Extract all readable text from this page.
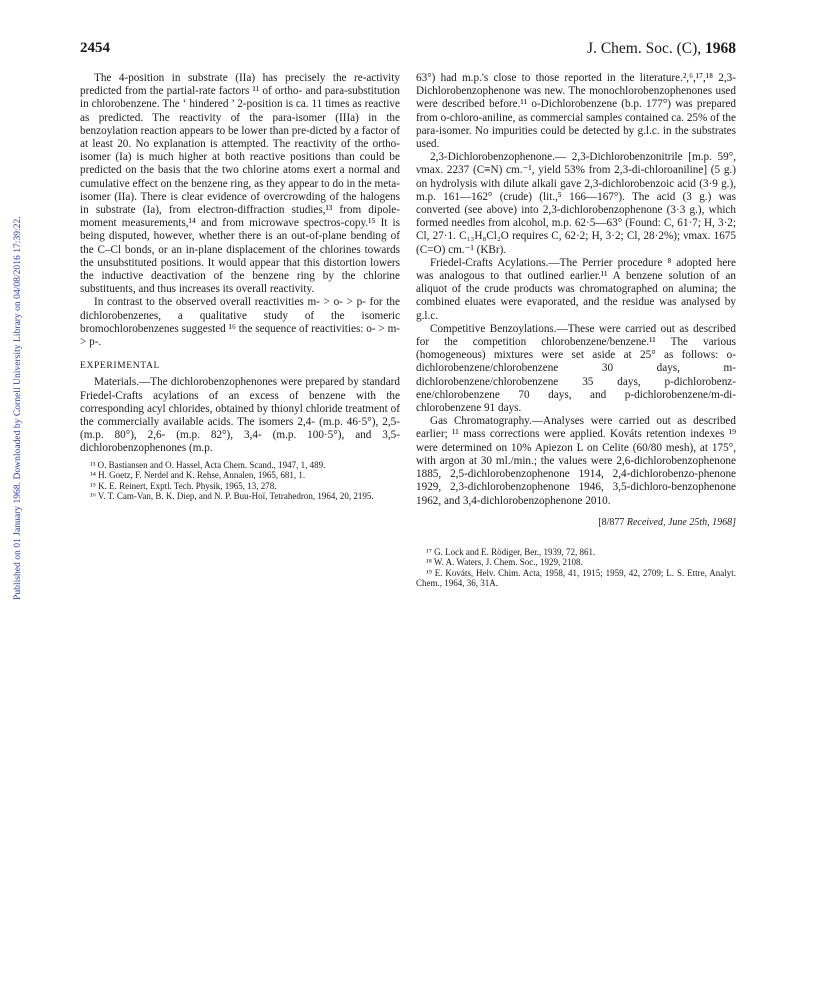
Published on 01 January 1968. Downloaded by Cornell University Library on 04/08/2016 17:39:22.
2454	J. Chem. Soc. (C), 1968

The 4-position in substrate (IIa) has precisely the re-activity predicted from the partial-rate factors ¹¹ of ortho- and para-substitution in chlorobenzene. The ‘ hindered ’ 2-position is ca. 11 times as reactive as predicted. The reactivity of the para-isomer (IIIa) in the benzoylation reaction appears to be lower than pre-dicted by a factor of at least 20. No explanation is attempted. The reactivity of the ortho-isomer (Ia) is much higher at both reactive positions than could be predicted on the basis that the two chlorine atoms exert a normal and cumulative effect on the benzene ring, as they appear to do in the meta-isomer (IIa). There is clear evidence of overcrowding of the halogens in substrate (Ia), from electron-diffraction studies,¹³ from dipole-moment measurements,¹⁴ and from microwave spectros-copy.¹⁵ It is being disputed, however, whether there is an out-of-plane bending of the C–Cl bonds, or an in-plane displacement of the chlorines towards the unsubstituted positions. It would appear that this distortion lowers the inductive deactivation of the benzene ring by the chlorine substituents, and thus increases its overall reactivity.

In contrast to the observed overall reactivities m- > o- > p- for the dichlorobenzenes, a qualitative study of the isomeric bromochlorobenzenes suggested ¹⁶ the sequence of reactivities: o- > m- > p-.

EXPERIMENTAL

Materials.—The dichlorobenzophenones were prepared by standard Friedel-Crafts acylations of an excess of benzene with the corresponding acyl chlorides, obtained by thionyl chloride treatment of the commercially available acids. The isomers 2,4- (m.p. 46·5°), 2,5- (m.p. 80°), 2,6- (m.p. 82°), 3,4- (m.p. 100·5°), and 3,5-dichlorobenzophenones (m.p.

¹³ O. Bastiansen and O. Hassel, Acta Chem. Scand., 1947, 1, 489.

¹⁴ H. Goetz, F. Nerdel and K. Rehse, Annalen, 1965, 681, 1.

¹⁵ K. E. Reinert, Exptl. Tech. Physik, 1965, 13, 278.

¹⁶ V. T. Cam-Van, B. K. Diep, and N. P. Buu-Hoï, Tetrahedron, 1964, 20, 2195.

63°) had m.p.'s close to those reported in the literature.²,⁶,¹⁷,¹⁸ 2,3-Dichlorobenzophenone was new. The monochlorobenzophenones used were described before.¹¹ o-Dichlorobenzene (b.p. 177°) was prepared from o-chloro-aniline, as commercial samples contained ca. 25% of the para-isomer. No impurities could be detected by g.l.c. in the substrates used.

2,3-Dichlorobenzophenone.— 2,3-Dichlorobenzonitrile [m.p. 59°, νmax. 2237 (C≡N) cm.⁻¹, yield 53% from 2,3-di-chloroaniline] (5 g.) on hydrolysis with dilute alkali gave 2,3-dichlorobenzoic acid (3·9 g.), m.p. 161—162° (crude) (lit.,⁵ 166—167°). The acid (3 g.) was converted (see above) into 2,3-dichlorobenzophenone (3·3 g.), which formed needles from alcohol, m.p. 62·5—63° (Found: C, 61·7; H, 3·2; Cl, 27·1. C₁₃H₈Cl₂O requires C, 62·2; H, 3·2; Cl, 28·2%); νmax. 1675 (C=O) cm.⁻¹ (KBr).

Friedel-Crafts Acylations.—The Perrier procedure ⁸ adopted here was analogous to that outlined earlier.¹¹ A benzene solution of an aliquot of the crude products was chromatographed on alumina; the combined eluates were evaporated, and the residue was analysed by g.l.c.

Competitive Benzoylations.—These were carried out as described for the competition chlorobenzene/benzene.¹¹ The various (homogeneous) mixtures were set aside at 25° as follows: o-dichlorobenzene/chlorobenzene 30 days, m-dichlorobenzene/chlorobenzene 35 days, p-dichlorobenz-ene/chlorobenzene 70 days, and p-dichlorobenzene/m-di-chlorobenzene 91 days.

Gas Chromatography.—Analyses were carried out as described earlier; ¹¹ mass corrections were applied. Kováts retention indexes ¹⁹ were determined on 10% Apiezon L on Celite (60/80 mesh), at 175°, with argon at 30 ml./min.; the values were 2,6-dichlorobenzophenone 1885, 2,5-dichlorobenzophenone 1914, 2,4-dichlorobenzo-phenone 1929, 2,3-dichlorobenzophenone 1946, 3,5-dichloro-benzophenone 1962, and 3,4-dichlorobenzophenone 2010.

[8/877 Received, June 25th, 1968]

¹⁷ G. Lock and E. Rödiger, Ber., 1939, 72, 861.

¹⁸ W. A. Waters, J. Chem. Soc., 1929, 2108.

¹⁹ E. Kováts, Helv. Chim. Acta, 1958, 41, 1915; 1959, 42, 2709; L. S. Ettre, Analyt. Chem., 1964, 36, 31A.
